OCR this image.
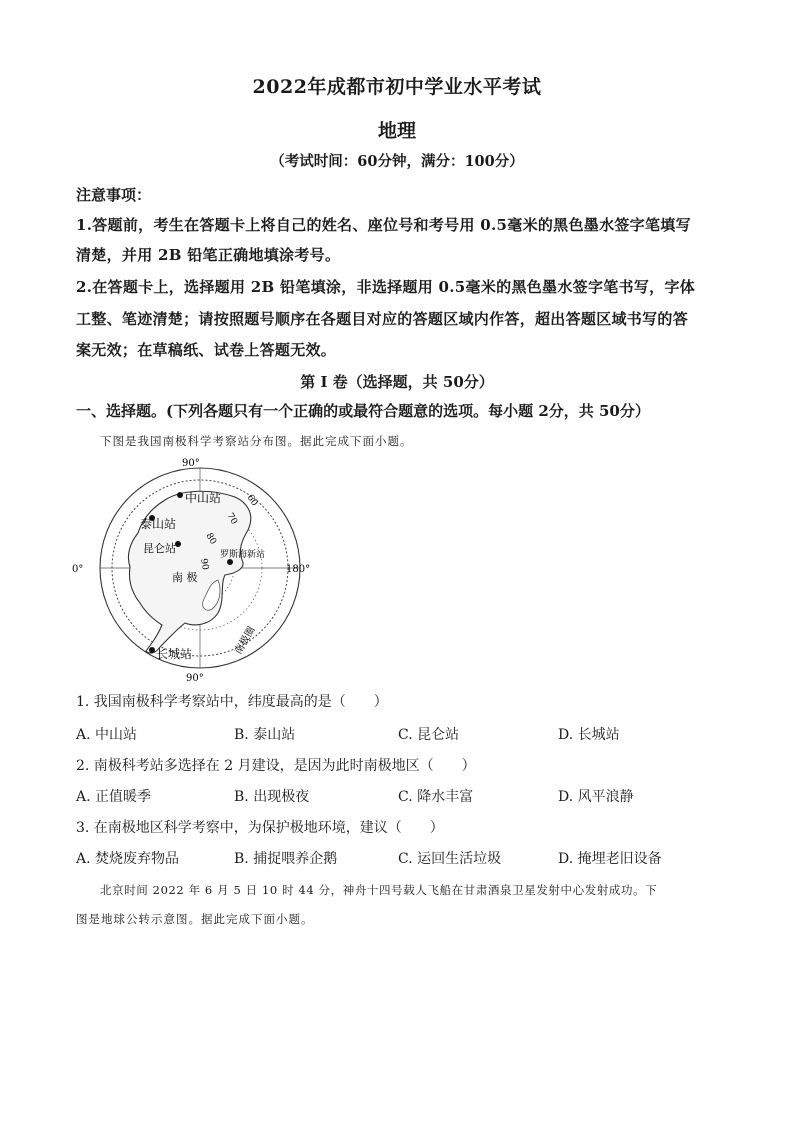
2022年成都市初中学业水平考试
地理
（考试时间：60分钟，满分：100分）
注意事项：
1.答题前，考生在答题卡上将自己的姓名、座位号和考号用 0.5毫米的黑色墨水签字笔填写
清楚，并用 2B 铅笔正确地填涂考号。
2.在答题卡上，选择题用 2B 铅笔填涂，非选择题用 0.5毫米的黑色墨水签字笔书写，字体
工整、笔迹清楚；请按照题号顺序在各题目对应的答题区域内作答，超出答题区域书写的答
案无效；在草稿纸、试卷上答题无效。
第 I 卷（选择题，共 50分）
一、选择题。(下列各题只有一个正确的或最符合题意的选项。每小题 2分，共 50分）
下图是我国南极科学考察站分布图。据此完成下面小题。
90°
90°
0°	180°
60
70
80
90
中山站
泰山站
昆仑站	罗斯海新站
长城站
南 极
南极圈
1. 我国南极科学考察站中，纬度最高的是（　　）
A. 中山站	B. 泰山站	C. 昆仑站	D. 长城站
2. 南极科考站多选择在 2 月建设，是因为此时南极地区（　　）
A. 正值暖季	B. 出现极夜	C. 降水丰富	D. 风平浪静
3. 在南极地区科学考察中，为保护极地环境，建议（　　）
A. 焚烧废弃物品	B. 捕捉喂养企鹅	C. 运回生活垃圾	D. 掩埋老旧设备
北京时间 2022 年 6 月 5 日 10 时 44 分，神舟十四号载人飞船在甘肃酒泉卫星发射中心发射成功。下
图是地球公转示意图。据此完成下面小题。
